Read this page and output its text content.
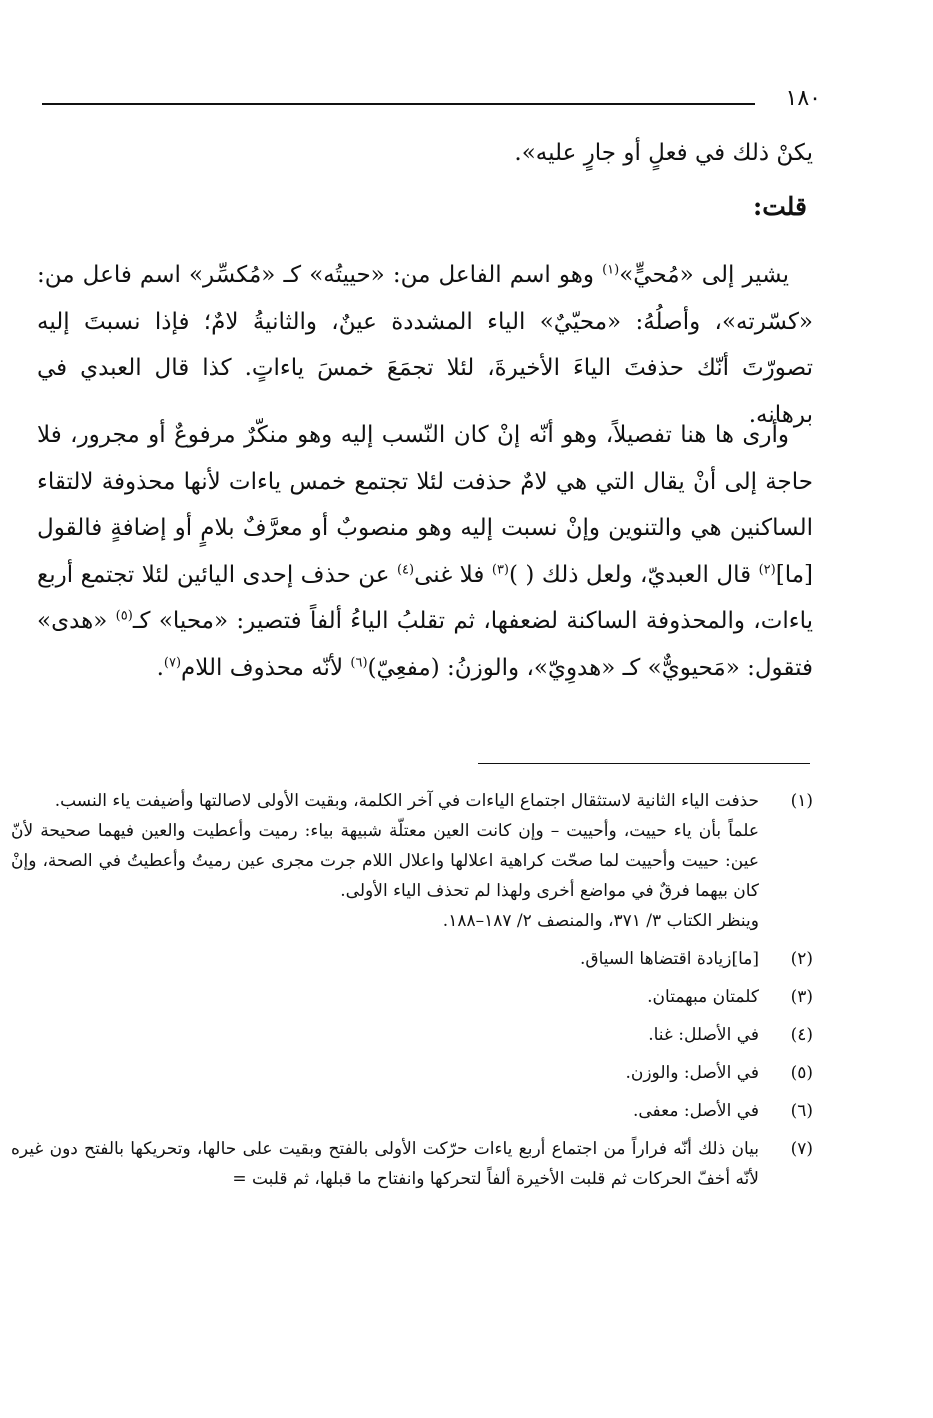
١٨٠

يكنْ ذلك في فعلٍ أو جارٍ عليه».

قلت:

يشير إلى «مُحيٍّ»$^{(١)}$ وهو اسم الفاعل من: «حييتُه» كـ «مُكسِّر» اسم فاعل من: «كسّرته»، وأصلُهُ: «محيّيٌ» الياء المشددة عينٌ، والثانيةُ لامٌ؛ فإذا نسبتَ إليه تصورّتَ أنّك حذفتَ الياءَ الأخيرةَ، لئلا تجمَعَ خمسَ ياءاتٍ. كذا قال العبدي في برهانه.

وأرى ها هنا تفصيلاً، وهو أنّه إنْ كان النّسب إليه وهو منكّرٌ مرفوعٌ أو مجرور، فلا حاجة إلى أنْ يقال التي هي لامٌ حذفت لئلا تجتمع خمس ياءات لأنها محذوفة لالتقاء الساكنين هي والتنوين وإنْ نسبت إليه وهو منصوبٌ أو معرَّفٌ بلامٍ أو إضافةٍ فالقول [ما]$^{(٢)}$ قال العبديّ، ولعل ذلك ( )$^{(٣)}$ فلا غنى$^{(٤)}$ عن حذف إحدى اليائين لئلا تجتمع أربع ياءات، والمحذوفة الساكنة لضعفها، ثم تقلبُ الياءُ ألفاً فتصير: «محيا» كـ$^{(٥)}$ «هدى» فتقول: «مَحيويٌّ» كـ «هدوِيّ»، والوزنُ: (مفعِيّ)$^{(٦)}$ لأنّه محذوف اللام$^{(٧)}$.

(١)
حذفت الياء الثانية لاستثقال اجتماع الياءات في آخر الكلمة، وبقيت الأولى لاصالتها وأضيفت ياء النسب.

علماً بأن ياء حييت، وأحييت – وإن كانت العين معتلّة شبيهة بياء: رميت وأعطيت والعين فيهما صحيحة لأنّ عين: حييت وأحييت لما صحّت كراهية اعلالها واعلال اللام جرت مجرى عين رميتُ وأعطيتُ في الصحة، وإنْ كان بيهما فرقٌ في مواضع أخرى ولهذا لم تحذف الياء الأولى.

وينظر الكتاب ٣/ ٣٧١، والمنصف ٢/ ١٨٧–١٨٨.

(٢)
[ما]زيادة اقتضاها السياق.
(٣)
كلمتان مبهمتان.
(٤)
في الأصلل: غنا.
(٥)
في الأصل: والوزن.
(٦)
في الأصل: معفى.
(٧)
بيان ذلك أنّه فراراً من اجتماع أربع ياءات حرّكت الأولى بالفتح وبقيت على حالها، وتحريكها بالفتح دون غيره لأنّه أخفّ الحركات ثم قلبت الأخيرة ألفاً لتحركها وانفتاح ما قبلها، ثم قلبت =
